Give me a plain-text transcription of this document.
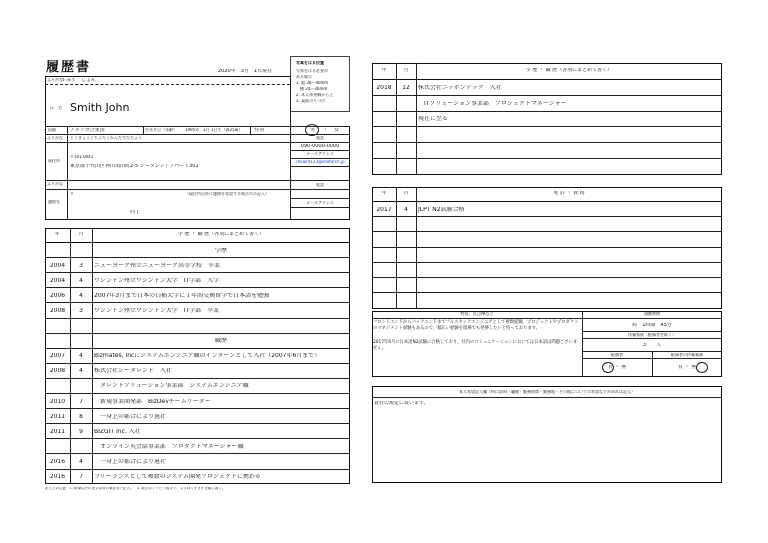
履歴書	2020年　3月　1日現在
写真をはる位置
写真をはる必要が
ある場合
1. 縦 36～40mm
横 24～30mm
2. 本人単身胸から上
3. 裏面のりづけ
ふりがな
すみす　じょん
氏　名 Smith John
国籍	アメリカ合衆国	生年月日（年齢） 1995年　1月 1日生（満25歳） 性別	男 ・ 女
ふりがな とうきょうとちよだくかんだすだちょう	電話
090-0000-0000
メールアドレス
cholar4123@khotarch.jp
現住所
〒101-0041
東京都千代田区神田須田町2-5 シータレントアパート301
ふりがな	電話
〒
連絡先
（現住所以外に連絡を希望する場合のみ記入）
メールアドレス
同上
年	月	学 歴 ・ 職 歴（各別にまとめて書く）
学歴
2004	3	ニューヨーク州立ニューヨーク高等学校　卒業
2004	4	ワシントン州立ワシントン大学　IT学部　入学
2006	4	2007年3月まで日本の白稲大学に１年間交換留学で日本語を勉強
2008	3	ワシントン州立ワシントン大学　IT学部　卒業
職歴
2007	4	Bizmates, Incにシステムエンジニア職のインターンとして入社（2007年6月まで）
2008	4	株式会社シータレント　入社
　タレントソリューション事業部　システムエンジニア職
2010	7	　新規事業開発部　BizDevチームリーダー
2011	8	　一身上の都合により退社
2011	9	BIZGIT Inc. 入社
　オンライン英会話事業部　プロダクトマネージャー職
2016	4	　一身上の都合により退社
2016	7	フリーランスとして複数のシステム開発プロジェクトに携わる
記入上の注意　1. 鉛筆以外の黒又は青の筆記具で記入。　2. 数字はアラビア数字で、文字はくずさず正確に書く。
年	月	学 歴 ・ 職 歴（各別にまとめて書く）
2018	12	株式会社ニッポンテック　入社
　ITソリューション事業部　プロジェクトマネージャー
現在に至る
年	月	免 許 ・ 資 格
2017	4	JLPT N2試験合格
特技、自己PRなど
フロントエンドからバックエンドまでフルスタックエンジニアとして複数経験。プロジェクトやプロダクトのマネジメント経験もあるので、幅広い経験を現場でも発揮したいと持っております。
2017年4月に日本語N2試験に合格しており、社内のコミュニケーションにおいては日本語は問題ございません。
通勤時間
約　1時間　45分
扶養家族（配偶者を除く）
3　　人
配偶者	配偶者の扶養義務
有 ・ 無	有 ・ 無
本人希望記入欄（特に給料・職種・勤務時間・勤務地・その他についての希望などがあれば記入）
貴社の規定に従います。
